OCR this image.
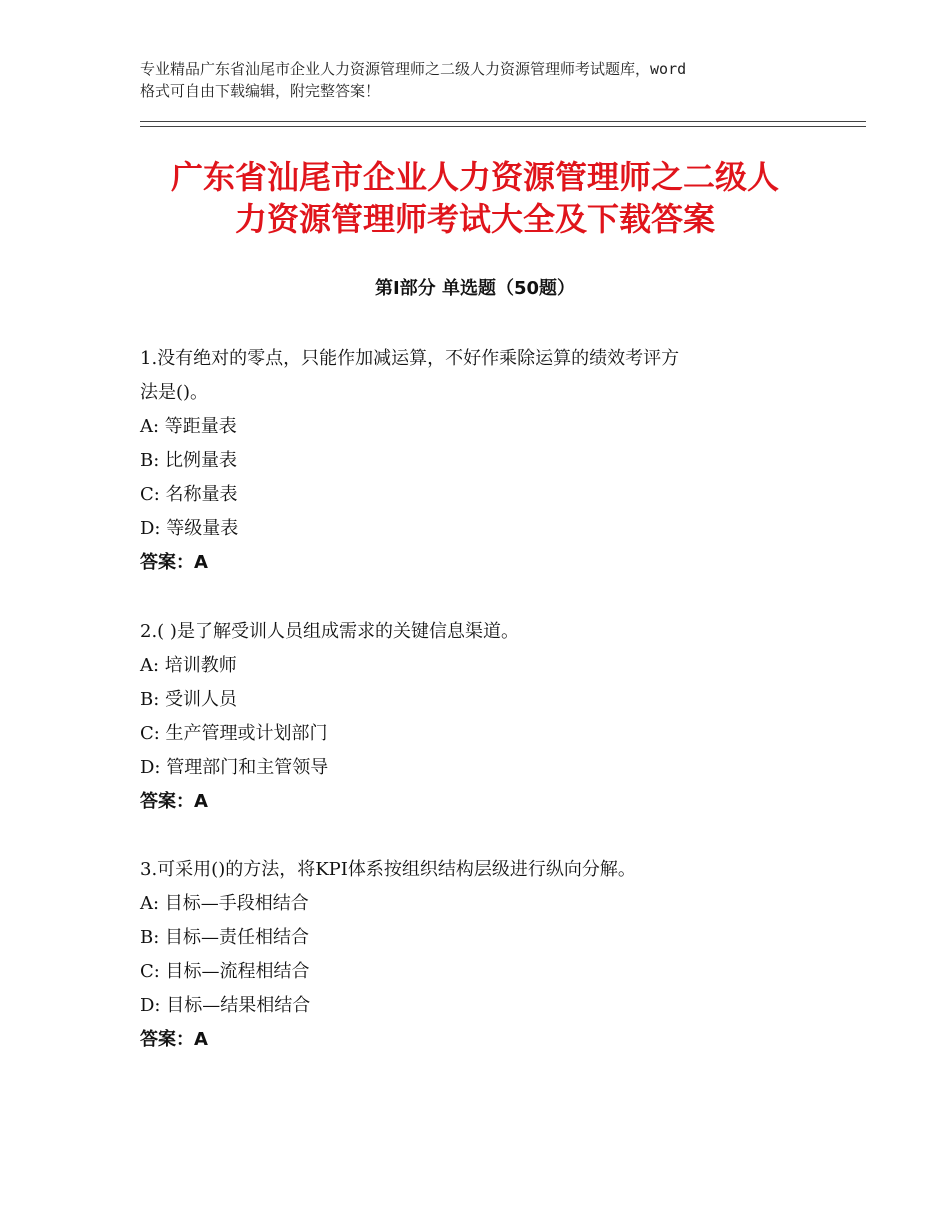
专业精品广东省汕尾市企业人力资源管理师之二级人力资源管理师考试题库，word
格式可自由下载编辑，附完整答案！
广东省汕尾市企业人力资源管理师之二级人
力资源管理师考试大全及下载答案
第Ⅰ部分 单选题（50题）
1.没有绝对的零点，只能作加减运算，不好作乘除运算的绩效考评方
法是()。
A: 等距量表
B: 比例量表
C: 名称量表
D: 等级量表
答案：A
2.( )是了解受训人员组成需求的关键信息渠道。
A: 培训教师
B: 受训人员
C: 生产管理或计划部门
D: 管理部门和主管领导
答案：A
3.可采用()的方法，将KPI体系按组织结构层级进行纵向分解。
A: 目标—手段相结合
B: 目标—责任相结合
C: 目标—流程相结合
D: 目标—结果相结合
答案：A
